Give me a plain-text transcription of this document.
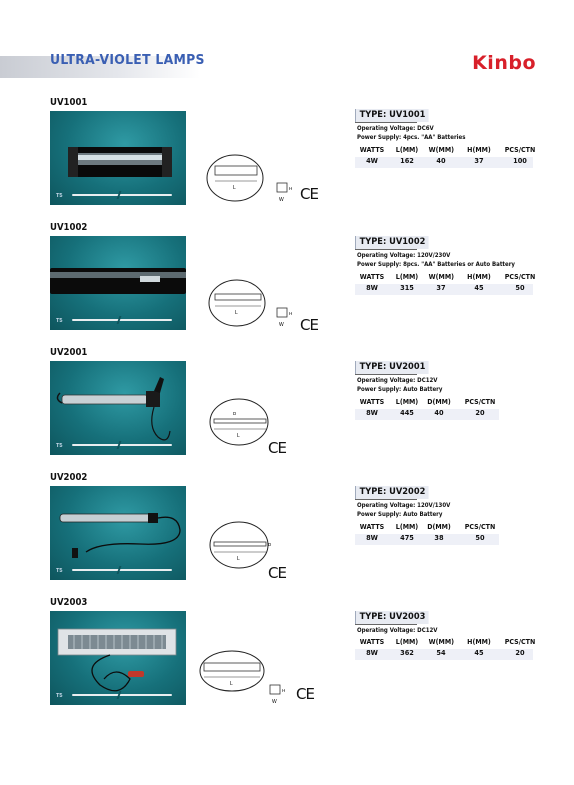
ULTRA-VIOLET LAMPS	Kinbo
UV1001
T5
L	H
W CE
TYPE: UV1001
Operating Voltage: DC6V
Power Supply: 4pcs. "AA" Batteries
WATTS	L(MM) W(MM) H(MM) PCS/CTN
4W	162	40	37	100
UV1002
T5
L	H
W CE
TYPE: UV1002
Operating Voltage: 120V/230V
Power Supply: 8pcs. "AA" Batteries or Auto Battery
WATTS	L(MM) W(MM) H(MM) PCS/CTN
8W	315	37	45	50
UV2001
T5
L
D
CE
TYPE: UV2001
Operating Voltage: DC12V
Power Supply: Auto Battery
WATTS	L(MM) D(MM) PCS/CTN
8W	445	40	20
UV2002
T5
L
D
CE
TYPE: UV2002
Operating Voltage: 120V/130V
Power Supply: Auto Battery
WATTS	L(MM) D(MM) PCS/CTN
8W	475	38	50
UV2003
T5
L
H
W CE
TYPE: UV2003
Operating Voltage: DC12V
WATTS	L(MM) W(MM) H(MM) PCS/CTN
8W	362	54	45	20
